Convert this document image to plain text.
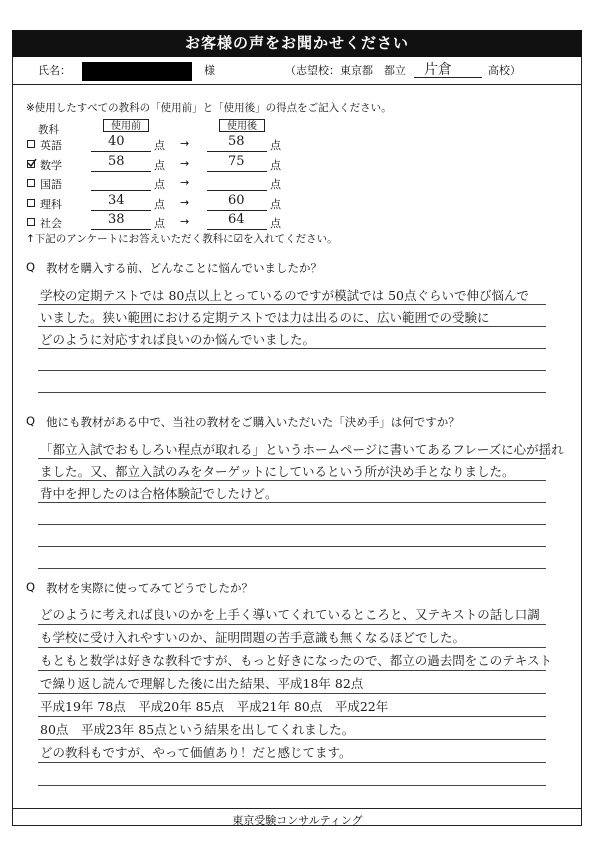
お客様の声をお聞かせください
氏名：	様	（志望校：東京都　都立 片倉	高校）
※使用したすべての教科の「使用前」と「使用後」の得点をご記入ください。
教科	使用前	使用後
英語	40	点 →	58 点
数学	58	点 →	75 点
国語	点 →	点
理科	34	点 →	60 点
社会	38	点 →	64 点
↑下記のアンケートにお答えいただく教科に☑を入れてください。
Q 教材を購入する前、どんなことに悩んでいましたか？
学校の定期テストでは 80点以上とっているのですが模試では 50点ぐらいで伸び悩んで
いました。狭い範囲における定期テストでは力は出るのに、広い範囲での受験に
どのように対応すれば良いのか悩んでいました。
Q 他にも教材がある中で、当社の教材をご購入いただいた「決め手」は何ですか？
「都立入試でおもしろい程点が取れる」というホームページに書いてあるフレーズに心が揺れ
ました。又、都立入試のみをターゲットにしているという所が決め手となりました。
背中を押したのは合格体験記でしたけど。
Q 教材を実際に使ってみてどうでしたか？
どのように考えれば良いのかを上手く導いてくれているところと、又テキストの話し口調
も学校に受け入れやすいのか、証明問題の苦手意識も無くなるほどでした。
もともと数学は好きな教科ですが、もっと好きになったので、都立の過去問をこのテキスト
で繰り返し読んで理解した後に出た結果、平成18年 82点
平成19年 78点　平成20年 85点　平成21年 80点　平成22年
80点　平成23年 85点という結果を出してくれました。
どの教科もですが、やって価値あり！だと感じてます。
東京受験コンサルティング
